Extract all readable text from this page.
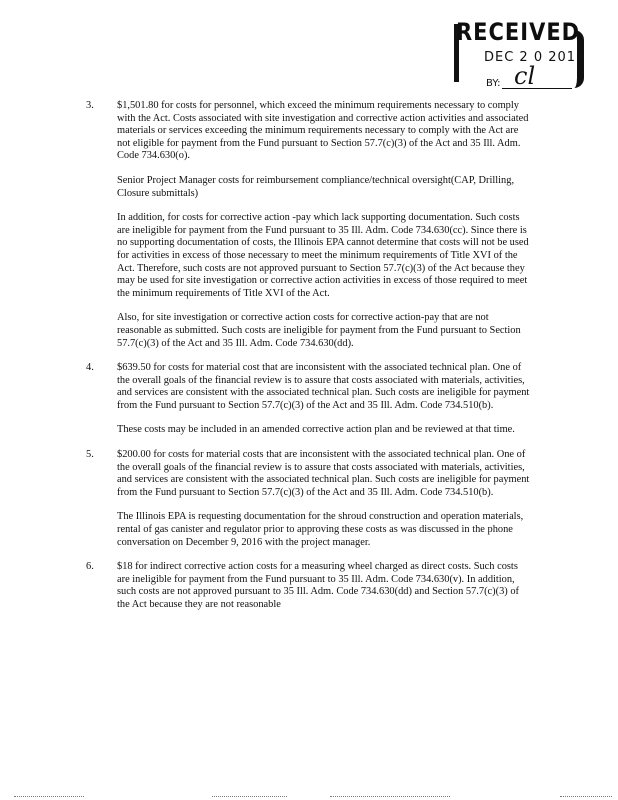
RECEIVED
DEC 2 0 2016
cl
BY:
3. $1,501.80 for costs for personnel, which exceed the minimum requirements necessary to comply with the Act. Costs associated with site investigation and corrective action activities and associated materials or services exceeding the minimum requirements necessary to comply with the Act are not eligible for payment from the Fund pursuant to Section 57.7(c)(3) of the Act and 35 Ill. Adm. Code 734.630(o).

Senior Project Manager costs for reimbursement compliance/technical oversight(CAP, Drilling, Closure submittals)

In addition, for costs for corrective action -pay which lack supporting documentation. Such costs are ineligible for payment from the Fund pursuant to 35 Ill. Adm. Code 734.630(cc). Since there is no supporting documentation of costs, the Illinois EPA cannot determine that costs will not be used for activities in excess of those necessary to meet the minimum requirements of Title XVI of the Act. Therefore, such costs are not approved pursuant to Section 57.7(c)(3) of the Act because they may be used for site investigation or corrective action activities in excess of those required to meet the minimum requirements of Title XVI of the Act.

Also, for site investigation or corrective action costs for corrective action-pay that are not reasonable as submitted. Such costs are ineligible for payment from the Fund pursuant to Section 57.7(c)(3) of the Act and 35 Ill. Adm. Code 734.630(dd).

4. $639.50 for costs for material cost that are inconsistent with the associated technical plan. One of the overall goals of the financial review is to assure that costs associated with materials, activities, and services are consistent with the associated technical plan. Such costs are ineligible for payment from the Fund pursuant to Section 57.7(c)(3) of the Act and 35 Ill. Adm. Code 734.510(b).

These costs may be included in an amended corrective action plan and be reviewed at that time.

5. $200.00 for costs for material costs that are inconsistent with the associated technical plan. One of the overall goals of the financial review is to assure that costs associated with materials, activities, and services are consistent with the associated technical plan. Such costs are ineligible for payment from the Fund pursuant to Section 57.7(c)(3) of the Act and 35 Ill. Adm. Code 734.510(b).

The Illinois EPA is requesting documentation for the shroud construction and operation materials, rental of gas canister and regulator prior to approving these costs as was discussed in the phone conversation on December 9, 2016 with the project manager.

6. $18 for indirect corrective action costs for a measuring wheel charged as direct costs. Such costs are ineligible for payment from the Fund pursuant to 35 Ill. Adm. Code 734.630(v). In addition, such costs are not approved pursuant to 35 Ill. Adm. Code 734.630(dd) and Section 57.7(c)(3) of the Act because they are not reasonable
